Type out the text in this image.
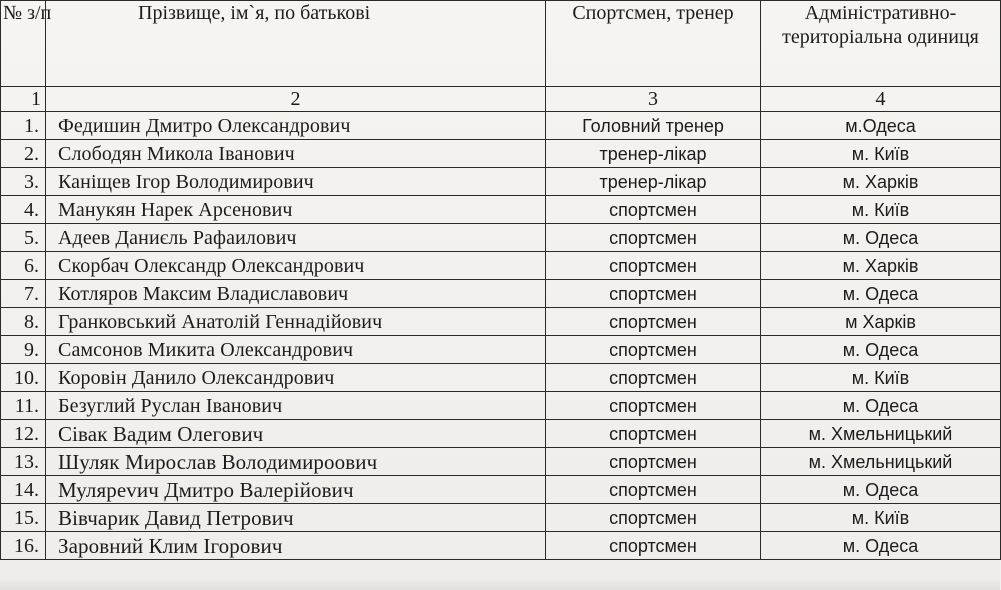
№ з/п	Прізвище, ім`я, по батькові	Спортсмен, тренер	Адміністративно-територіальна одиниця
1	2	3	4
1.	Федишин Дмитро Олександрович	Головний тренер	м.Одеса
2.	Слободян Микола Іванович	тренер-лікар	м. Київ
3.	Каніщев Ігор Володимирович	тренер-лікар	м. Харків
4.	Манукян Нарек Арсенович	спортсмен	м. Київ
5.	Адеев Даниєль Рафаилович	спортсмен	м. Одеса
6.	Скорбач Олександр Олександрович	спортсмен	м. Харків
7.	Котляров Максим Владиславович	спортсмен	м. Одеса
8.	Гранковський Анатолій Геннадійович	спортсмен	м Харків
9.	Самсонов Микита Олександрович	спортсмен	м. Одеса
10.	Коровін Данило Олександрович	спортсмен	м. Київ
11.	Безуглий Руслан Іванович	спортсмен	м. Одеса
12.	Сівак Вадим Олегович	спортсмен	м. Хмельницький
13.	Шуляк Мирослав Володимироович	спортсмен	м. Хмельницький
14.	Мулярevич Дмитро Валерійович	спортсмен	м. Одеса
15.	Вівчарик Давид Петрович	спортсмен	м. Київ
16.	Заровний Клим Ігорович	спортсмен	м. Одеса
